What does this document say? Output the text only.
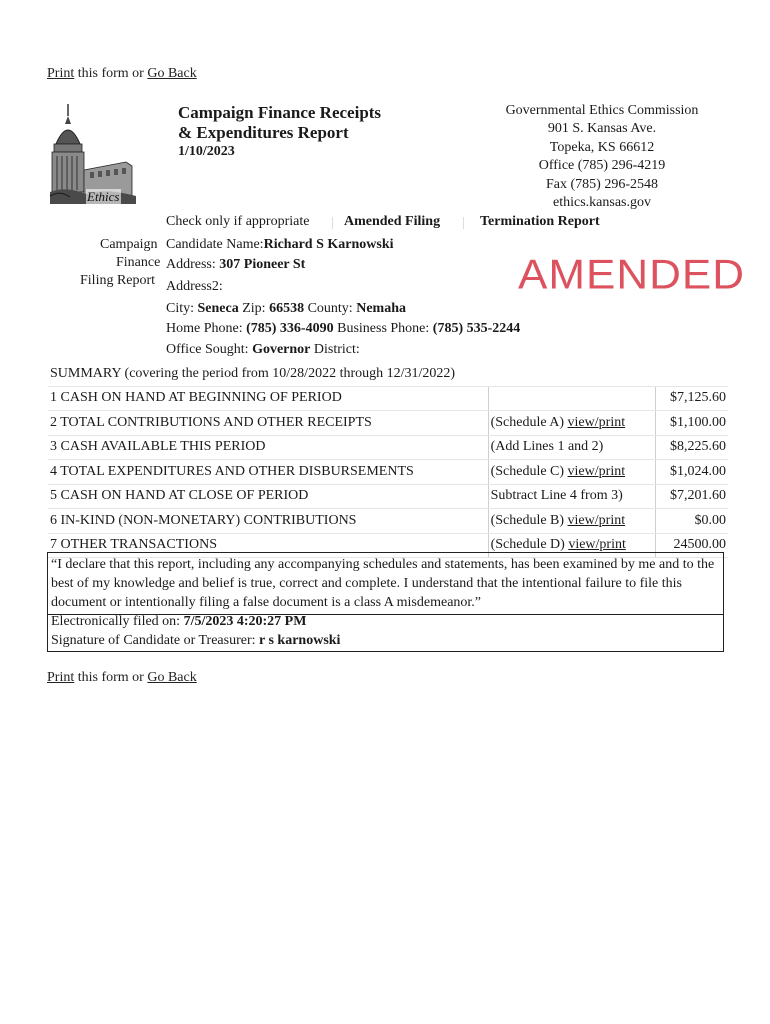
Print this form or Go Back
Ethics
Campaign Finance Receipts
& Expenditures Report
1/10/2023
Governmental Ethics Commission
901 S. Kansas Ave.
Topeka, KS 66612
Office (785) 296-4219
Fax (785) 296-2548
ethics.kansas.gov
Check only if appropriate Amended Filing	Termination Report
Campaign
Finance
Filing Report
Candidate Name:Richard S Karnowski
Address: 307 Pioneer St
Address2:	AMENDED
City: Seneca Zip: 66538 County: Nemaha
Home Phone: (785) 336-4090 Business Phone: (785) 535-2244
Office Sought: Governor District:
SUMMARY (covering the period from 10/28/2022 through 12/31/2022)		
1 CASH ON HAND AT BEGINNING OF PERIOD		$7,125.60
2 TOTAL CONTRIBUTIONS AND OTHER RECEIPTS	(Schedule A) view/print	$1,100.00
3 CASH AVAILABLE THIS PERIOD	(Add Lines 1 and 2)	$8,225.60
4 TOTAL EXPENDITURES AND OTHER DISBURSEMENTS	(Schedule C) view/print	$1,024.00
5 CASH ON HAND AT CLOSE OF PERIOD	Subtract Line 4 from 3)	$7,201.60
6 IN-KIND (NON-MONETARY) CONTRIBUTIONS	(Schedule B) view/print	$0.00
7 OTHER TRANSACTIONS	(Schedule D) view/print	24500.00
“I declare that this report, including any accompanying schedules and statements, has been examined by me and to the best of my knowledge and belief is true, correct and complete. I understand that the intentional failure to file this document or intentionally filing a false document is a class A misdemeanor.”
Electronically filed on: 7/5/2023 4:20:27 PM
Signature of Candidate or Treasurer: r s karnowski
Print this form or Go Back
